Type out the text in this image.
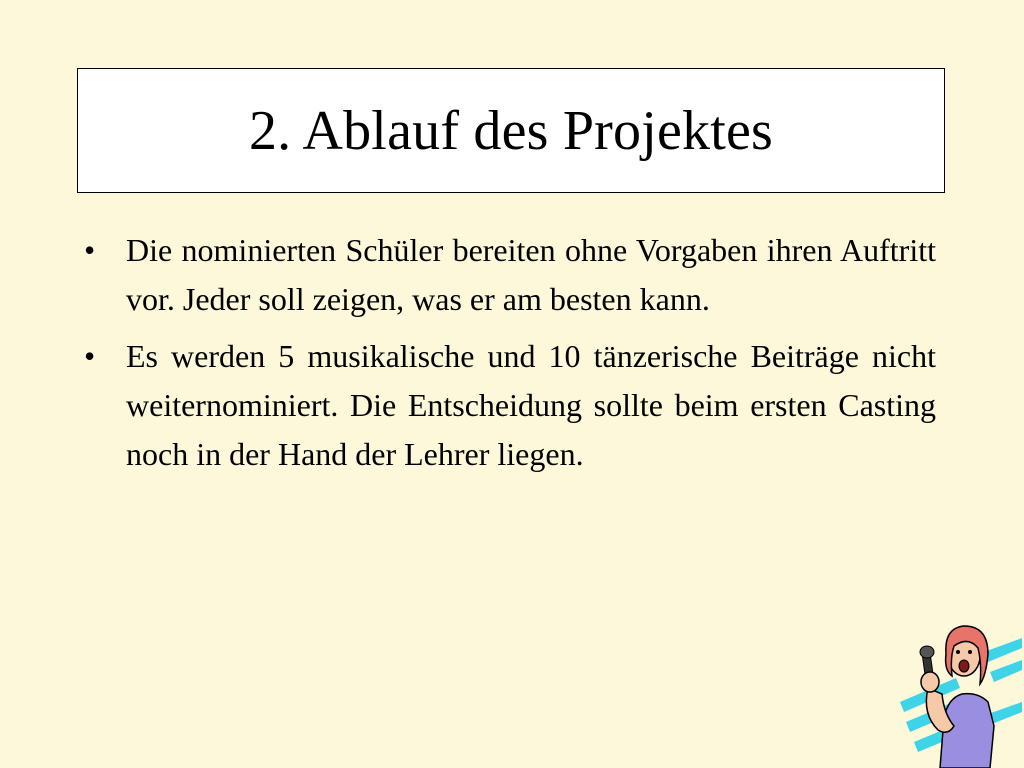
2. Ablauf des Projektes
• Die nominierten Schüler bereiten ohne Vorgaben ihren Auftritt vor. Jeder soll zeigen, was er am besten kann.
• Es werden 5 musikalische und 10 tänzerische Beiträge nicht weiternominiert. Die Entscheidung sollte beim ersten Casting noch in der Hand der Lehrer liegen.
